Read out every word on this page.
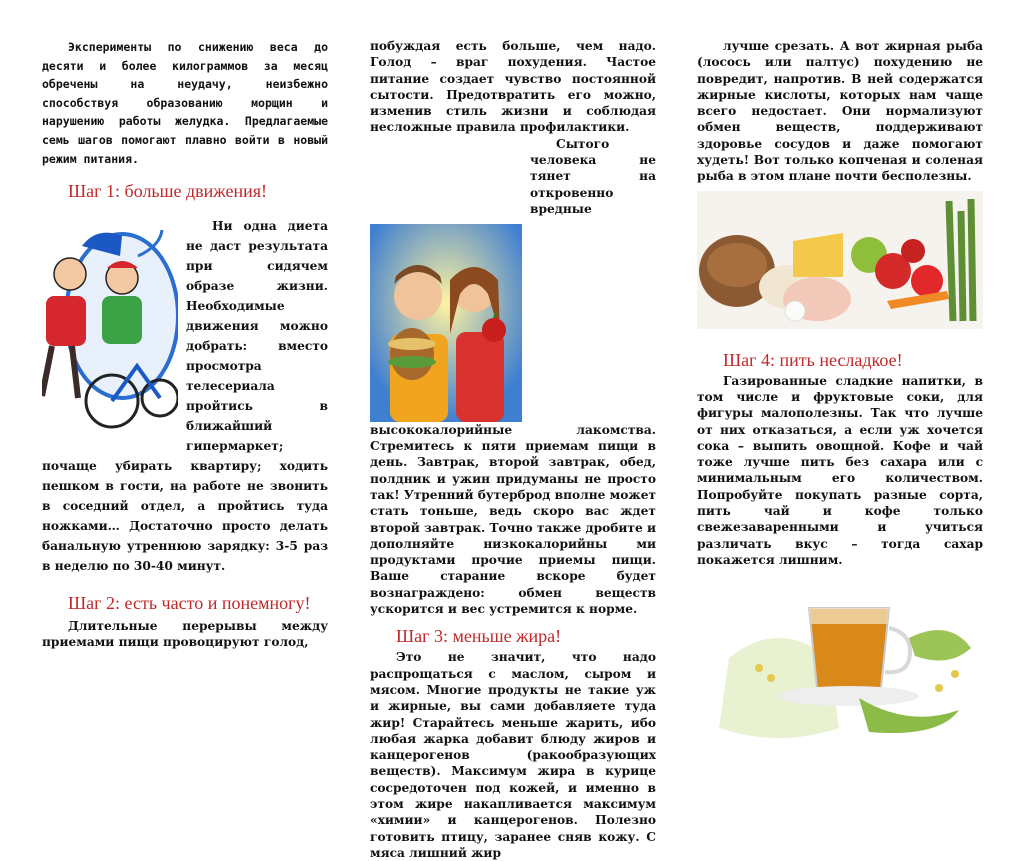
Эксперименты по снижению веса до десяти и более килограммов за месяц обречены на неудачу, неизбежно способствуя образованию морщин и нарушению работы желудка. Предлагаемые семь шагов помогают плавно войти в новый режим питания.

Шаг 1: больше движения!

Ни одна диета не даст результата при сидячем образе жизни. Необходимые движения можно добрать: вместо просмотра телесериала пройтись в ближайший гипермаркет; почаще убирать квартиру; ходить пешком в гости, на работе не звонить в соседний отдел, а пройтись туда ножками… Достаточно просто делать банальную утреннюю зарядку: 3-5 раз в неделю по 30-40 минут.

Шаг 2: есть часто и понемногу!

Длительные перерывы между приемами пищи провоцируют голод,

побуждая есть больше, чем надо. Голод – враг похудения. Частое питание создает чувство постоянной сытости. Предотвратить его можно, изменив стиль жизни и соблюдая несложные правила профилактики.

Сытого человека не тянет на откровенно вредные высококалорийные лакомства. Стремитесь к пяти приемам пищи в день. Завтрак, второй завтрак, обед, полдник и ужин придуманы не просто так! Утренний бутерброд вполне может стать тоньше, ведь скоро вас ждет второй завтрак. Точно также дробите и дополняйте низкокалорийны ми продуктами прочие приемы пищи. Ваше старание вскоре будет вознаграждено: обмен веществ ускорится и вес устремится к норме.

Шаг 3: меньше жира!

Это не значит, что надо распрощаться с маслом, сыром и мясом. Многие продукты не такие уж и жирные, вы сами добавляете туда жир! Старайтесь меньше жарить, ибо любая жарка добавит блюду жиров и канцерогенов (ракообразующих веществ). Максимум жира в курице сосредоточен под кожей, и именно в этом жире накапливается максимум «химии» и канцерогенов. Полезно готовить птицу, заранее сняв кожу. С мяса лишний жир

лучше срезать. А вот жирная рыба (лосось или палтус) похудению не повредит, напротив. В ней содержатся жирные кислоты, которых нам чаще всего недостает. Они нормализуют обмен веществ, поддерживают здоровье сосудов и даже помогают худеть! Вот только копченая и соленая рыба в этом плане почти бесполезны.

Шаг 4: пить несладкое!

Газированные сладкие напитки, в том числе и фруктовые соки, для фигуры малополезны. Так что лучше от них отказаться, а если уж хочется сока – выпить овощной. Кофе и чай тоже лучше пить без сахара или с минимальным его количеством. Попробуйте покупать разные сорта, пить чай и кофе только свежезаваренными и учиться различать вкус – тогда сахар покажется лишним.
